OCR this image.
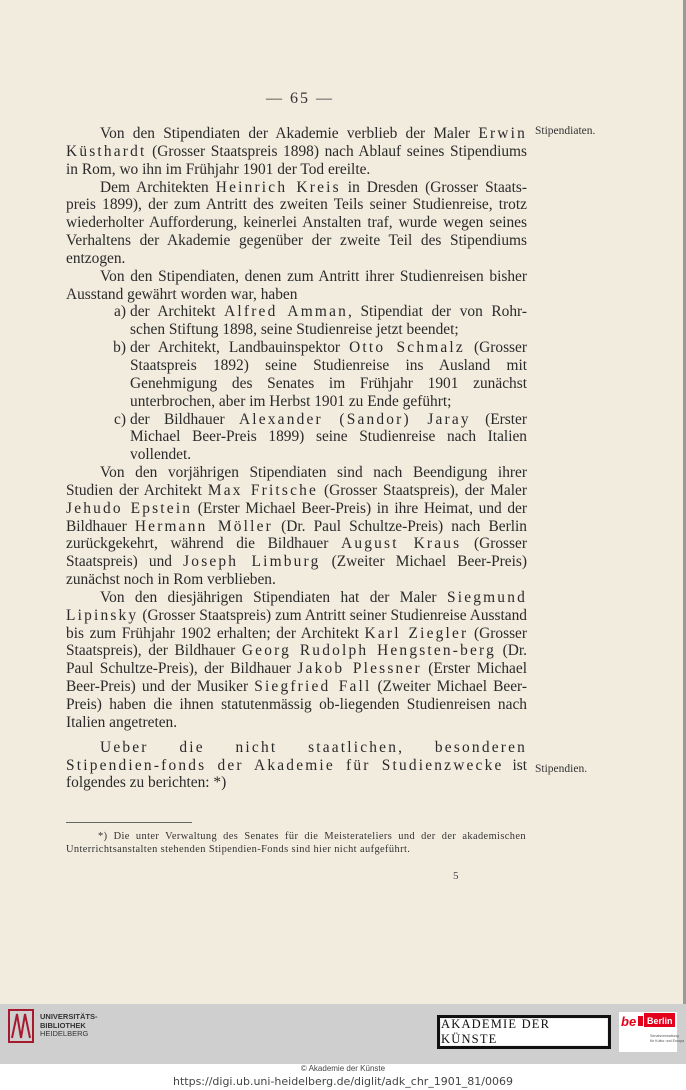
— 65 —
Stipendiaten.
Stipendien.

Von den Stipendiaten der Akademie verblieb der Maler Erwin Küsthardt (Grosser Staatspreis 1898) nach Ablauf seines Stipendiums in Rom, wo ihn im Frühjahr 1901 der Tod ereilte.

Dem Architekten Heinrich Kreis in Dresden (Grosser Staats-preis 1899), der zum Antritt des zweiten Teils seiner Studienreise, trotz wiederholter Aufforderung, keinerlei Anstalten traf, wurde wegen seines Verhaltens der Akademie gegenüber der zweite Teil des Stipendiums entzogen.

Von den Stipendiaten, denen zum Antritt ihrer Studienreisen bisher Ausstand gewährt worden war, haben

a) der Architekt Alfred Amman, Stipendiat der von Rohr-schen Stiftung 1898, seine Studienreise jetzt beendet;
b) der Architekt, Landbauinspektor Otto Schmalz (Grosser Staatspreis 1892) seine Studienreise ins Ausland mit Genehmigung des Senates im Frühjahr 1901 zunächst unterbrochen, aber im Herbst 1901 zu Ende geführt;
c) der Bildhauer Alexander (Sandor) Jaray (Erster Michael Beer-Preis 1899) seine Studienreise nach Italien vollendet.

Von den vorjährigen Stipendiaten sind nach Beendigung ihrer Studien der Architekt Max Fritsche (Grosser Staatspreis), der Maler Jehudo Epstein (Erster Michael Beer-Preis) in ihre Heimat, und der Bildhauer Hermann Möller (Dr. Paul Schultze-Preis) nach Berlin zurückgekehrt, während die Bildhauer August Kraus (Grosser Staatspreis) und Joseph Limburg (Zweiter Michael Beer-Preis) zunächst noch in Rom verblieben.

Von den diesjährigen Stipendiaten hat der Maler Siegmund Lipinsky (Grosser Staatspreis) zum Antritt seiner Studienreise Ausstand bis zum Frühjahr 1902 erhalten; der Architekt Karl Ziegler (Grosser Staatspreis), der Bildhauer Georg Rudolph Hengsten-berg (Dr. Paul Schultze-Preis), der Bildhauer Jakob Plessner (Erster Michael Beer-Preis) und der Musiker Siegfried Fall (Zweiter Michael Beer-Preis) haben die ihnen statutenmässig ob-liegenden Studienreisen nach Italien angetreten.

Ueber die nicht staatlichen, besonderen Stipendien-fonds der Akademie für Studienzwecke ist folgendes zu berichten: *)

*) Die unter Verwaltung des Senates für die Meisterateliers und der der akademischen Unterrichtsanstalten stehenden Stipendien-Fonds sind hier nicht aufgeführt.

5
UNIVERSITÄTS-
BIBLIOTHEK
HEIDELBERG
AKADEMIE DER KÜNSTE
be Berlin
Senatsverwaltung
für Kultur und Europa
© Akademie der Künste
https://digi.ub.uni-heidelberg.de/diglit/adk_chr_1901_81/0069
